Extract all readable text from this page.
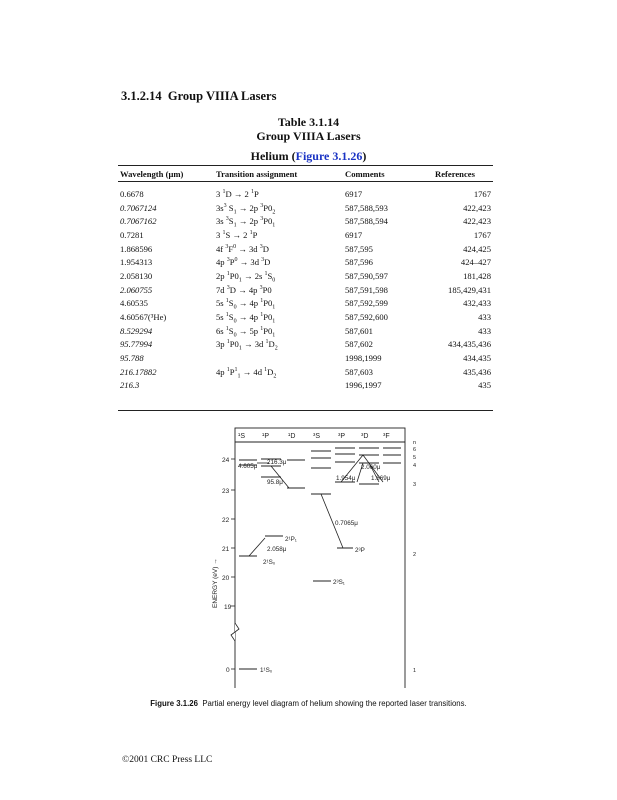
3.1.2.14 Group VIIIA Lasers
Table 3.1.14
Group VIIIA Lasers
Helium (Figure 3.1.26)
Wavelength (μm)	Transition assignment	Comments	References
0.6678	3 $^1$D → 2 $^1$P	6917	1767
0.7067124	$3s^3$ $S_1 \to 2p$ $^3P0_2$	587,588,593	422,423
0.7067162	3s $^3S_1 \to 2p$ $^3P0_1$	587,588,594	422,423
0.7281	3 $^1$S → 2 $^1$P	6917	1767
1.868596	4f $^3F^0 \to 3d$ $^3$D	587,595	424,425
1.954313	4p $^3P^0 \to 3d$ $^3$D	587,596	424–427
2.058130	2p $^1P0_1 \to 2s$ $^1S_0$	587,590,597	181,428
2.060755	7d $^3$D → 4p $^3$P0	587,591,598	185,429,431
4.60535	5s $^1S_0 \to 4p$ $^1P0_1$	587,592,599	432,433
4.60567(³He)	5s $^1S_0 \to 4p$ $^1P0_1$	587,592,600	433
8.529294	6s $^1S_0 \to 5p$ $^1P0_1$	587,601	433
95.77994	3p $^1P0_1 \to 3d$ $^1D_2$	587,602	434,435,436
95.788		1998,1999	434,435
216.17882	4p $^1P^1_1 \to 4d$ $^1D_2$	587,603	435,436
216.3		1996,1997	435
¹S ¹P	¹D	³S	³P ³D ³F
24
23
22
21
20
19
0
ENERGY (eV) →
n
6
5
4
3
2
1
4.605μ
216.3μ
95.8μ
2.060μ
1.954μ 1.869μ
0.7065μ
2.058μ
2¹P₁
2¹S₀
2³P
2³S₁
1¹S₀
Figure 3.1.26 Partial energy level diagram of helium showing the reported laser transitions.
©2001 CRC Press LLC
